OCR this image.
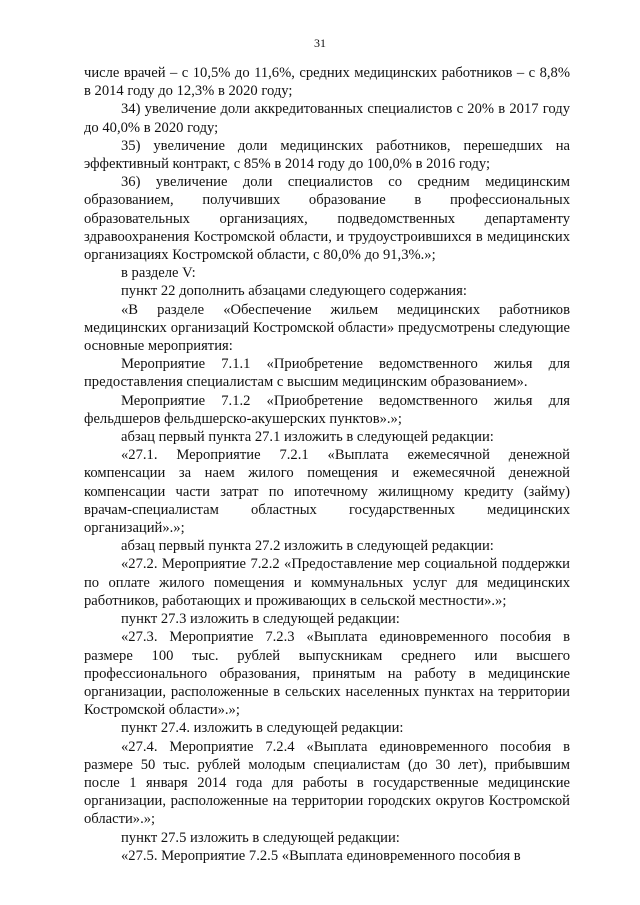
31

числе врачей – с 10,5% до 11,6%, средних медицинских работников – с 8,8% в 2014 году до 12,3% в 2020 году;

34) увеличение доли аккредитованных специалистов с 20% в 2017 году до 40,0% в 2020 году;

35) увеличение доли медицинских работников, перешедших на эффективный контракт, с 85% в 2014 году до 100,0% в 2016 году;

36) увеличение доли специалистов со средним медицинским образованием, получивших образование в профессиональных образовательных организациях, подведомственных департаменту здравоохранения Костромской области, и трудоустроившихся в медицинских организациях Костромской области, с 80,0% до 91,3%.»;

в разделе V:

пункт 22 дополнить абзацами следующего содержания:

«В разделе «Обеспечение жильем медицинских работников медицинских организаций Костромской области» предусмотрены следующие основные мероприятия:

Мероприятие 7.1.1 «Приобретение ведомственного жилья для предоставления специалистам с высшим медицинским образованием».

Мероприятие 7.1.2 «Приобретение ведомственного жилья для фельдшеров фельдшерско-акушерских пунктов».»;

абзац первый пункта 27.1 изложить в следующей редакции:

«27.1. Мероприятие 7.2.1 «Выплата ежемесячной денежной компенсации за наем жилого помещения и ежемесячной денежной компенсации части затрат по ипотечному жилищному кредиту (займу) врачам-специалистам областных государственных медицинских организаций».»;

абзац первый пункта 27.2 изложить в следующей редакции:

«27.2. Мероприятие 7.2.2 «Предоставление мер социальной поддержки по оплате жилого помещения и коммунальных услуг для медицинских работников, работающих и проживающих в сельской местности».»;

пункт 27.3 изложить в следующей редакции:

«27.3. Мероприятие 7.2.3 «Выплата единовременного пособия в размере 100 тыс. рублей выпускникам среднего или высшего профессионального образования, принятым на работу в медицинские организации, расположенные в сельских населенных пунктах на территории Костромской области».»;

пункт 27.4. изложить в следующей редакции:

«27.4. Мероприятие 7.2.4 «Выплата единовременного пособия в размере 50 тыс. рублей молодым специалистам (до 30 лет), прибывшим после 1 января 2014 года для работы в государственные медицинские организации, расположенные на территории городских округов Костромской области».»;

пункт 27.5 изложить в следующей редакции:

«27.5. Мероприятие 7.2.5 «Выплата единовременного пособия в
